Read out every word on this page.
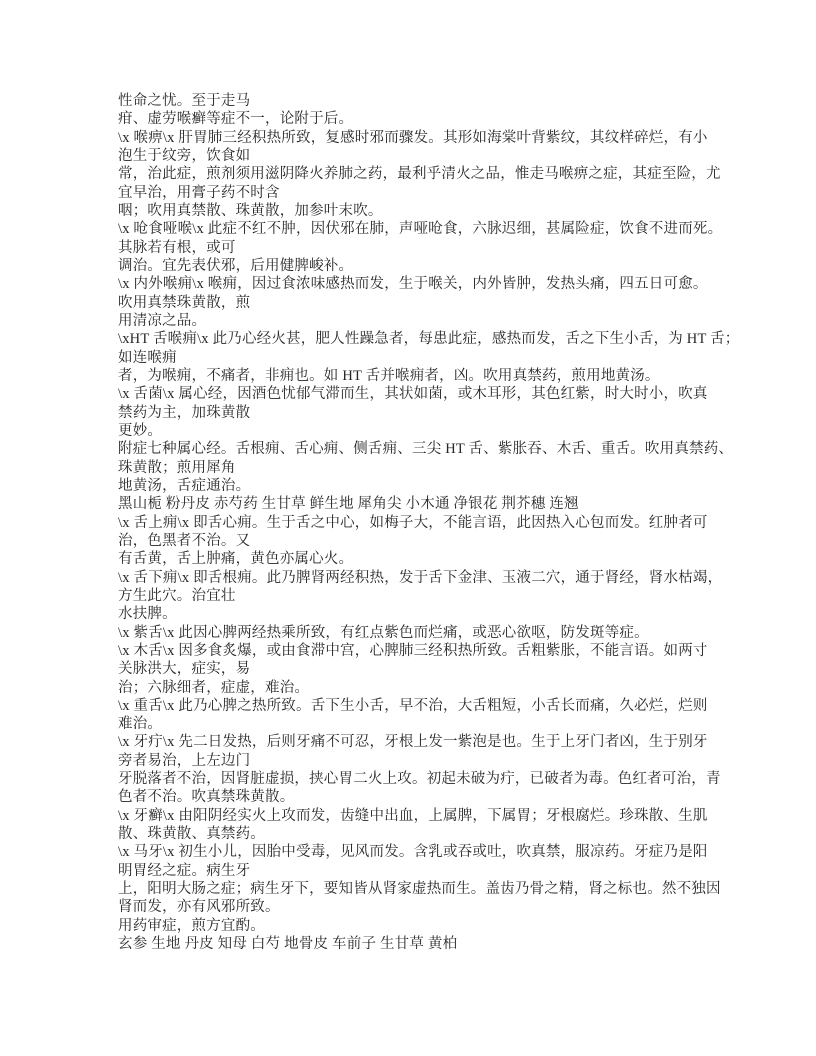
性命之忧。至于走马
疳、虚劳喉癣等症不一，论附于后。
\x 喉痹\x 肝胃肺三经积热所致，复感时邪而骤发。其形如海棠叶背紫纹，其纹样碎烂，有小
泡生于纹旁，饮食如
常，治此症，煎剂须用滋阴降火养肺之药，最利乎清火之品，惟走马喉痹之症，其症至险，尤
宜早治，用膏子药不时含
咽；吹用真禁散、珠黄散，加参叶末吹。
\x 呛食哑喉\x 此症不红不肿，因伏邪在肺，声哑呛食，六脉迟细，甚属险症，饮食不进而死。
其脉若有根，或可
调治。宜先表伏邪，后用健脾峻补。
\x 内外喉痈\x 喉痈，因过食浓味感热而发，生于喉关，内外皆肿，发热头痛，四五日可愈。
吹用真禁珠黄散，煎
用清凉之品。
\xHT 舌喉痈\x 此乃心经火甚，肥人性躁急者，每患此症，感热而发，舌之下生小舌，为 HT 舌；
如连喉痈
者，为喉痈，不痛者，非痈也。如 HT 舌并喉痈者，凶。吹用真禁药，煎用地黄汤。
\x 舌菌\x 属心经，因酒色忧郁气滞而生，其状如菌，或木耳形，其色红紫，时大时小，吹真
禁药为主，加珠黄散
更妙。
附症七种属心经。舌根痈、舌心痈、侧舌痈、三尖 HT 舌、紫胀吞、木舌、重舌。吹用真禁药、
珠黄散；煎用犀角
地黄汤，舌症通治。
黑山栀 粉丹皮 赤芍药 生甘草 鲜生地 犀角尖 小木通 净银花 荆芥穗 连翘
\x 舌上痈\x 即舌心痈。生于舌之中心，如梅子大，不能言语，此因热入心包而发。红肿者可
治，色黑者不治。又
有舌黄，舌上肿痛，黄色亦属心火。
\x 舌下痈\x 即舌根痈。此乃脾肾两经积热，发于舌下金津、玉液二穴，通于肾经，肾水枯竭，
方生此穴。治宜壮
水扶脾。
\x 紫舌\x 此因心脾两经热乘所致，有红点紫色而烂痛，或恶心欲呕，防发斑等症。
\x 木舌\x 因多食炙爆，或由食滞中宫，心脾肺三经积热所致。舌粗紫胀，不能言语。如两寸
关脉洪大，症实，易
治；六脉细者，症虚，难治。
\x 重舌\x 此乃心脾之热所致。舌下生小舌，早不治，大舌粗短，小舌长而痛，久必烂，烂则
难治。
\x 牙疔\x 先二日发热，后则牙痛不可忍，牙根上发一紫泡是也。生于上牙门者凶，生于别牙
旁者易治，上左边门
牙脱落者不治，因肾脏虚损，挟心胃二火上攻。初起未破为疔，已破者为毒。色红者可治，青
色者不治。吹真禁珠黄散。
\x 牙癣\x 由阳阴经实火上攻而发，齿缝中出血，上属脾，下属胃；牙根腐烂。珍珠散、生肌
散、珠黄散、真禁药。
\x 马牙\x 初生小儿，因胎中受毒，见风而发。含乳或吞或吐，吹真禁，服凉药。牙症乃是阳
明胃经之症。病生牙
上，阳明大肠之症；病生牙下，要知皆从肾家虚热而生。盖齿乃骨之精，肾之标也。然不独因
肾而发，亦有风邪所致。
用药审症，煎方宜酌。
玄参 生地 丹皮 知母 白芍 地骨皮 车前子 生甘草 黄柏
